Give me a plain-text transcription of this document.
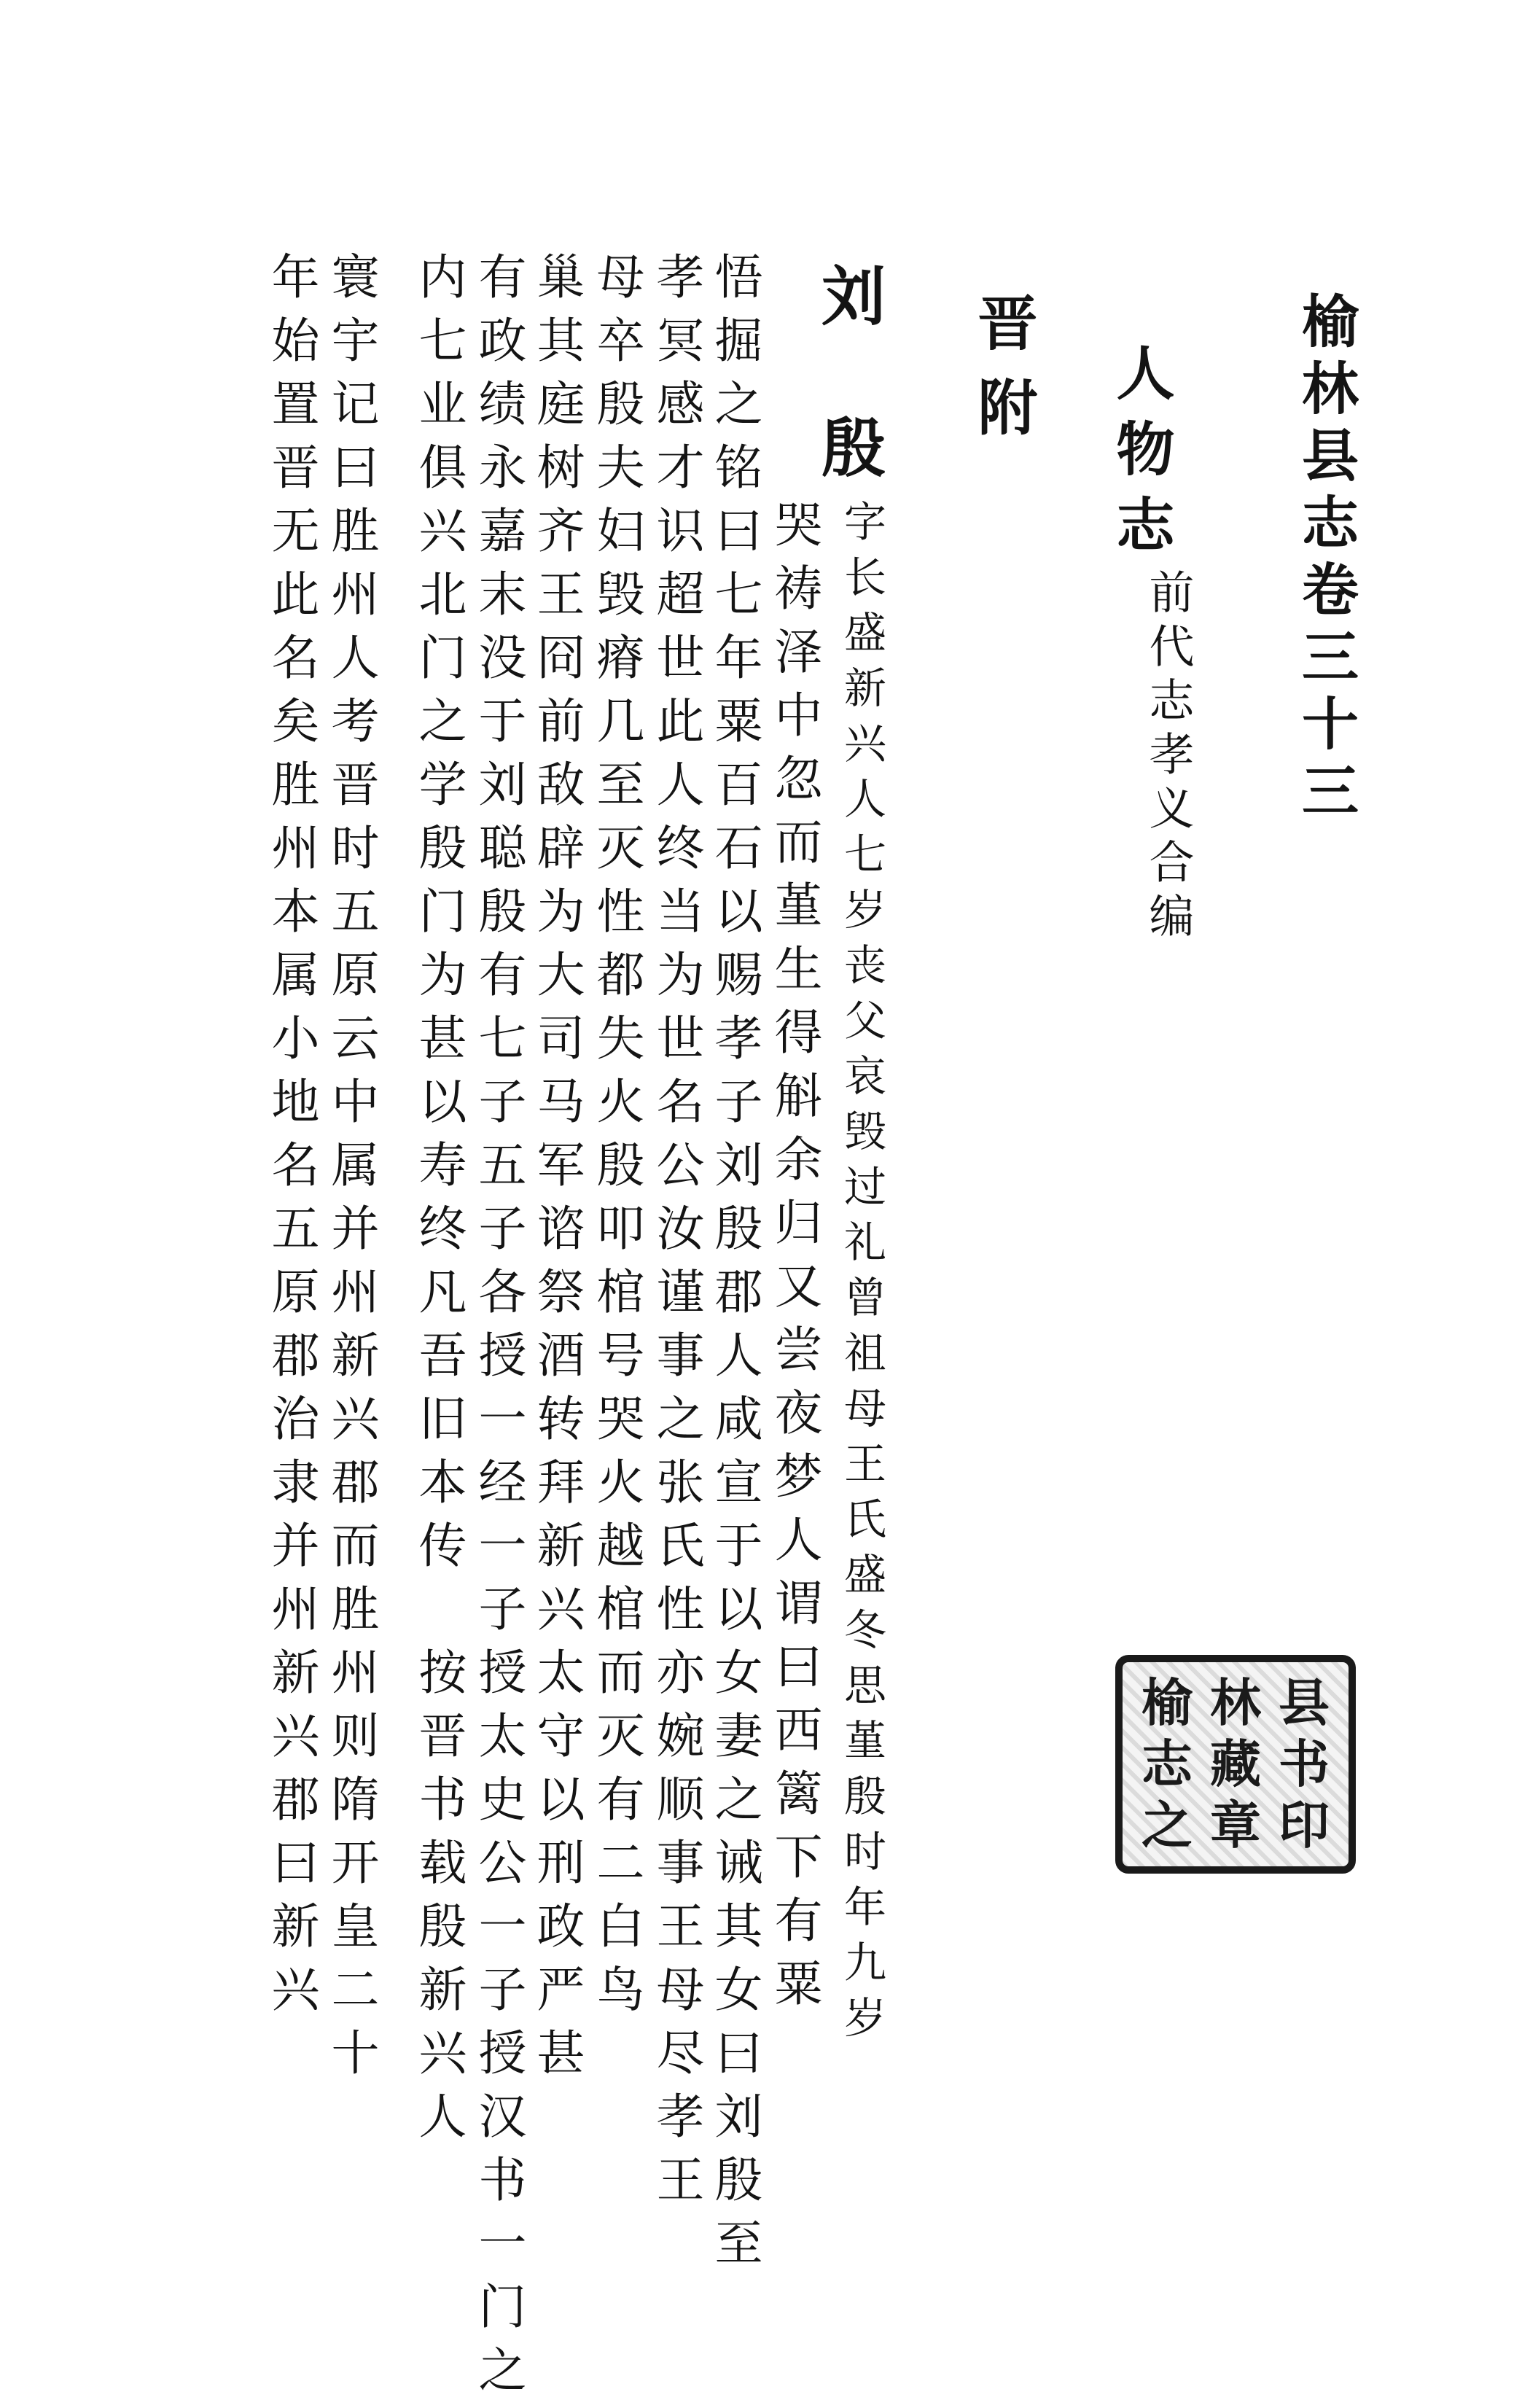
榆林县志卷三十三
人物志
前代志孝义合编
晋附
刘殷
字长盛新兴人七岁丧父哀毁过礼曾祖母王氏盛冬思堇殷时年九岁
哭祷泽中忽而堇生得斛余归又尝夜梦人谓曰西篱下有粟
悟掘之铭曰七年粟百石以赐孝子刘殷郡人咸宣于以女妻之诫其女曰刘殷至
孝冥感才识超世此人终当为世名公汝谨事之张氏性亦婉顺事王母尽孝王
母卒殷夫妇毁瘠几至灭性都失火殷叩棺号哭火越棺而灭有二白鸟
巢其庭树齐王冏前敌辟为大司马军谘祭酒转拜新兴太守以刑政严甚
有政绩永嘉末没于刘聪殷有七子五子各授一经一子授太史公一子授汉书一门之
内七业俱兴北门之学殷门为甚以寿终凡吾旧本传　按晋书载殷新兴人
寰宇记曰胜州人考晋时五原云中属并州新兴郡而胜州则隋开皇二十
年始置晋无此名矣胜州本属小地名五原郡治隶并州新兴郡曰新兴	榆 林 县
志 藏 书
之 章 印
